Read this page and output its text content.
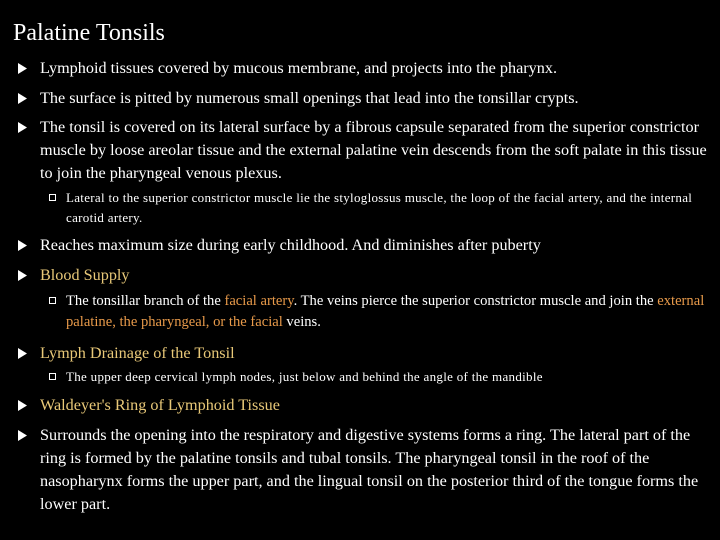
Palatine Tonsils
Lymphoid tissues covered by mucous membrane, and projects into the pharynx.
The surface is pitted by numerous small openings that lead into the tonsillar crypts.
The tonsil is covered on its lateral surface by a fibrous capsule separated from the superior constrictor muscle by loose areolar tissue and the external palatine vein descends from the soft palate in this tissue to join the pharyngeal venous plexus.
Lateral to the superior constrictor muscle lie the styloglossus muscle, the loop of the facial artery, and the internal carotid artery.
Reaches maximum size during early childhood. And diminishes after puberty
Blood Supply
The tonsillar branch of the facial artery. The veins pierce the superior constrictor muscle and join the external palatine, the pharyngeal, or the facial veins.
Lymph Drainage of the Tonsil
The upper deep cervical lymph nodes, just below and behind the angle of the mandible
Waldeyer's Ring of Lymphoid Tissue
Surrounds the opening into the respiratory and digestive systems forms a ring. The lateral part of the ring is formed by the palatine tonsils and tubal tonsils. The pharyngeal tonsil in the roof of the nasopharynx forms the upper part, and the lingual tonsil on the posterior third of the tongue forms the lower part.
